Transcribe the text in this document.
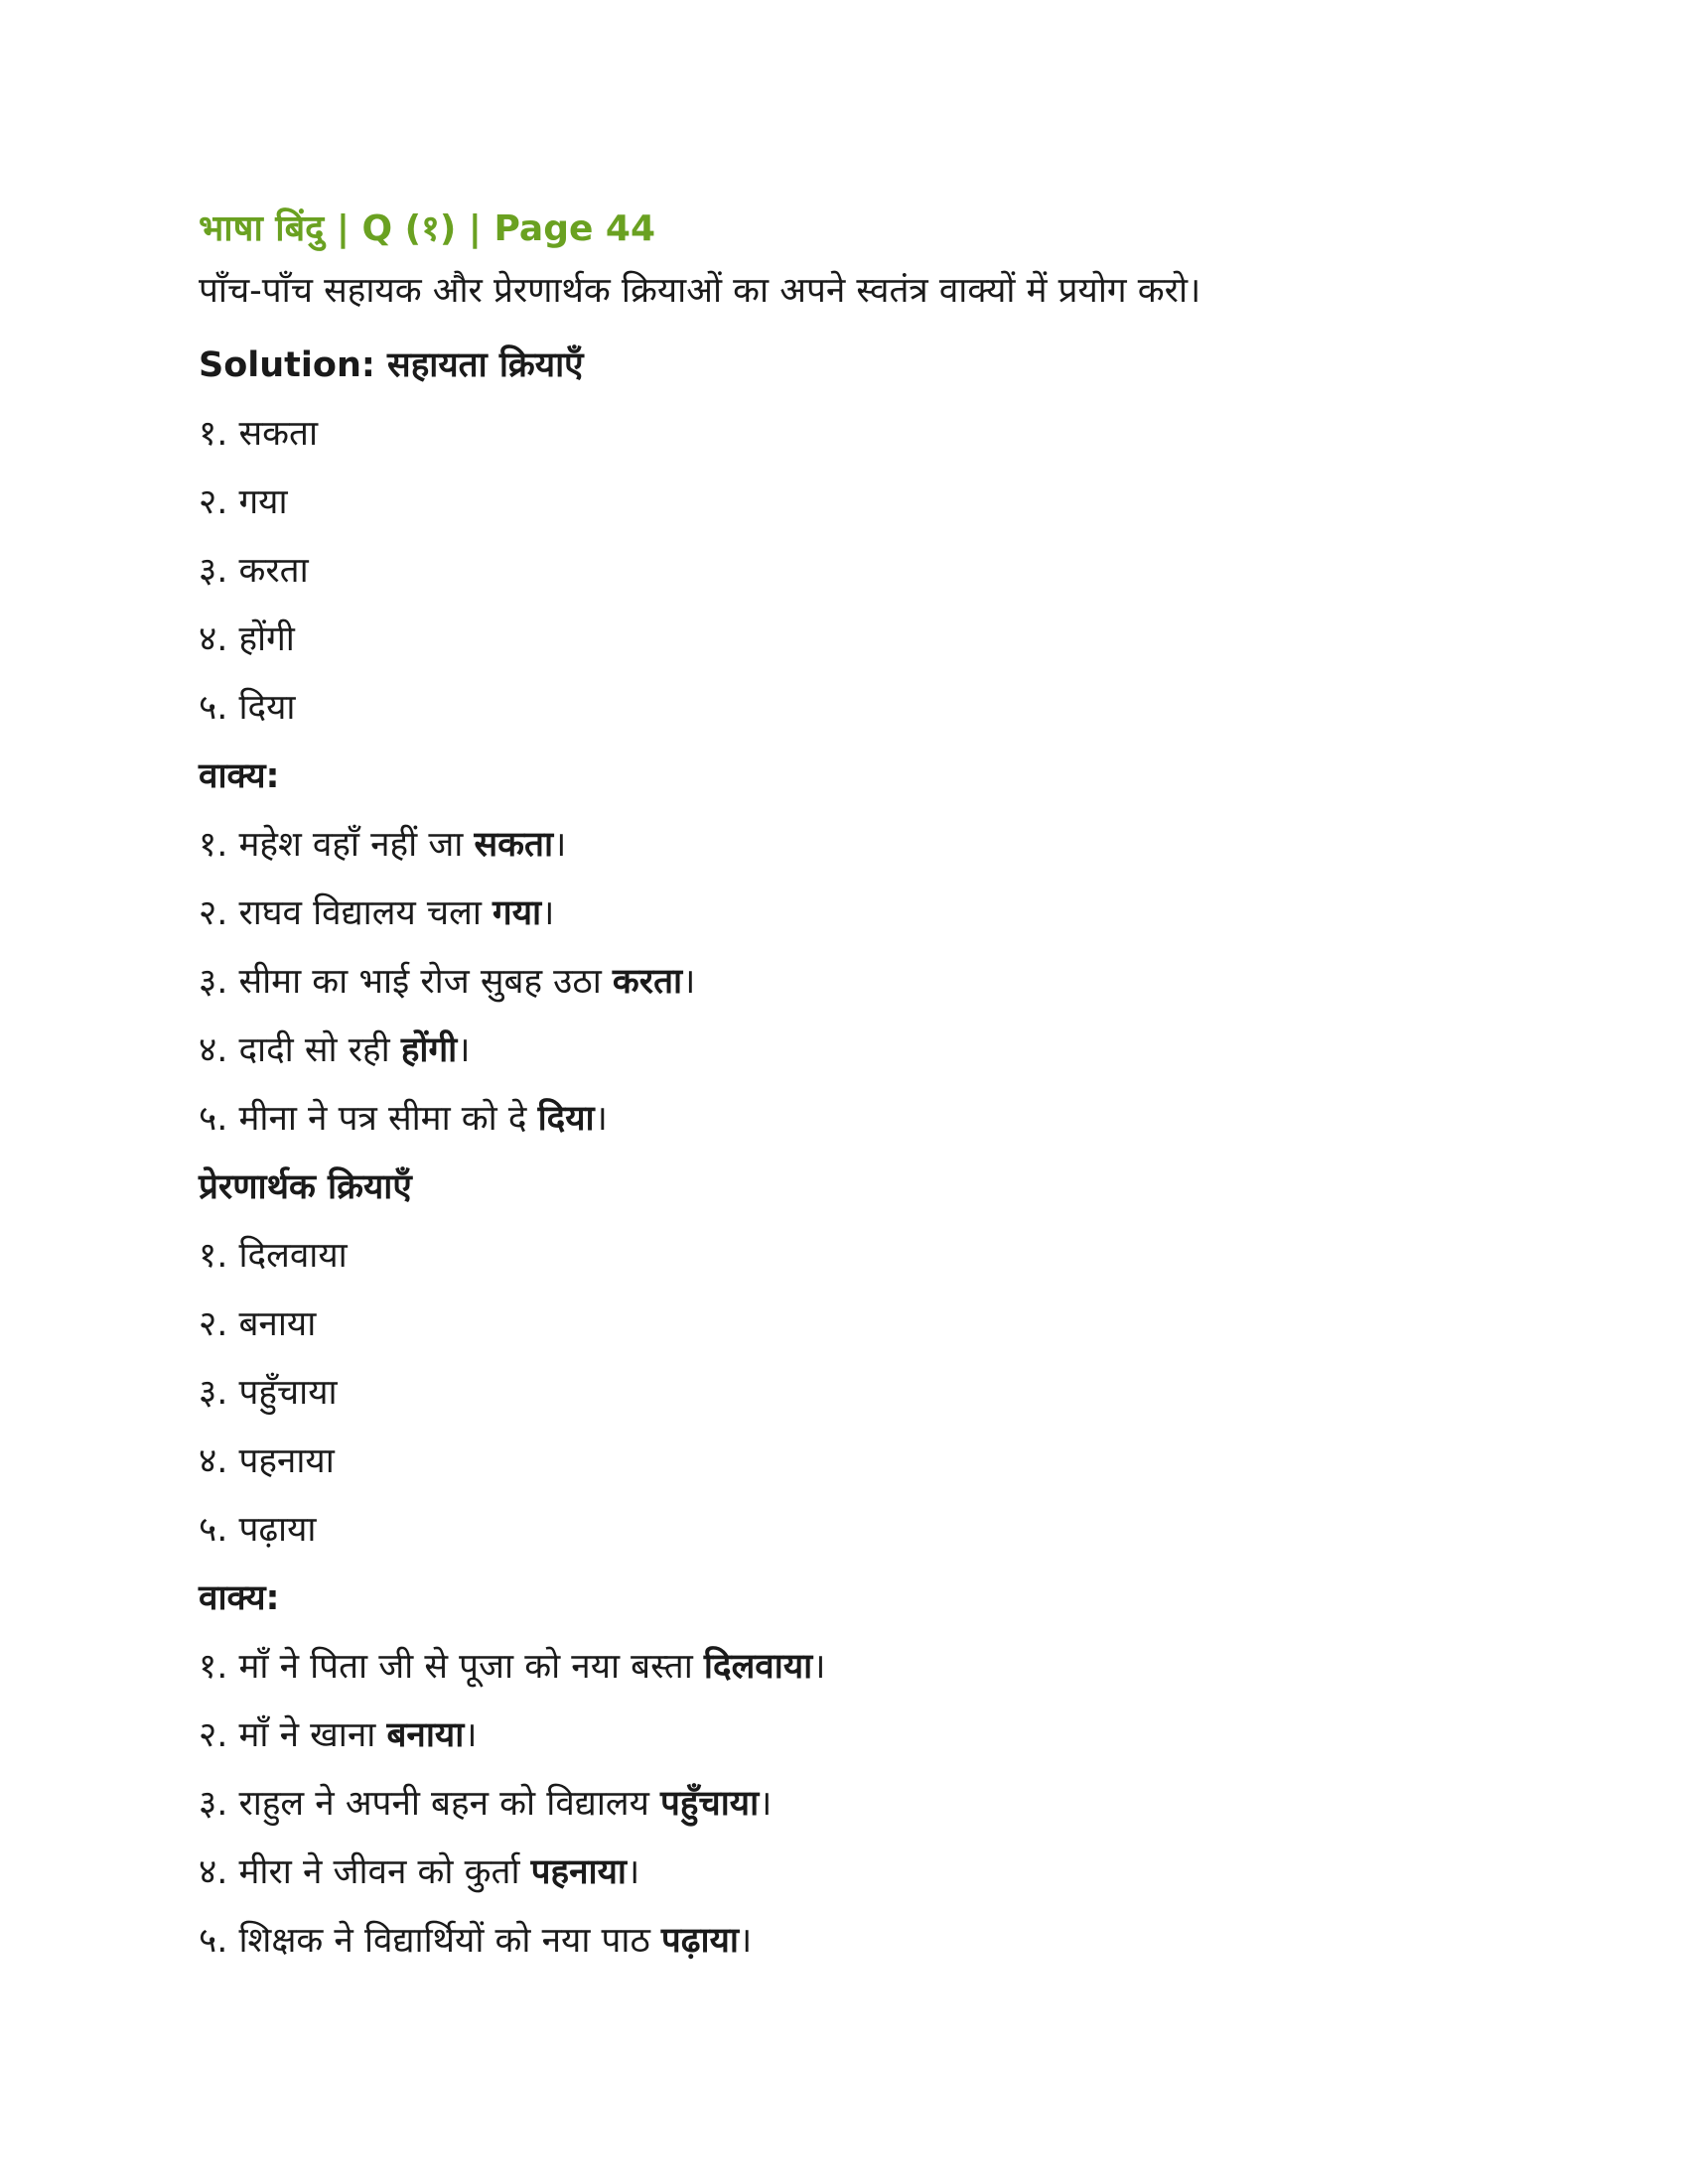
भाषा बिंदु | Q (१) | Page 44
पाँच-पाँच सहायक और प्रेरणार्थक क्रियाओं का अपने स्वतंत्र वाक्यों में प्रयोग करो।
Solution: सहायता क्रियाएँ
१. सकता
२. गया
३. करता
४. होंगी
५. दिया
वाक्य:
१. महेश वहाँ नहीं जा सकता।
२. राघव विद्यालय चला गया।
३. सीमा का भाई रोज सुबह उठा करता।
४. दादी सो रही होंगी।
५. मीना ने पत्र सीमा को दे दिया।
प्रेरणार्थक क्रियाएँ
१. दिलवाया
२. बनाया
३. पहुँचाया
४. पहनाया
५. पढ़ाया
वाक्य:
१. माँ ने पिता जी से पूजा को नया बस्ता दिलवाया।
२. माँ ने खाना बनाया।
३. राहुल ने अपनी बहन को विद्यालय पहुँचाया।
४. मीरा ने जीवन को कुर्ता पहनाया।
५. शिक्षक ने विद्यार्थियों को नया पाठ पढ़ाया।
